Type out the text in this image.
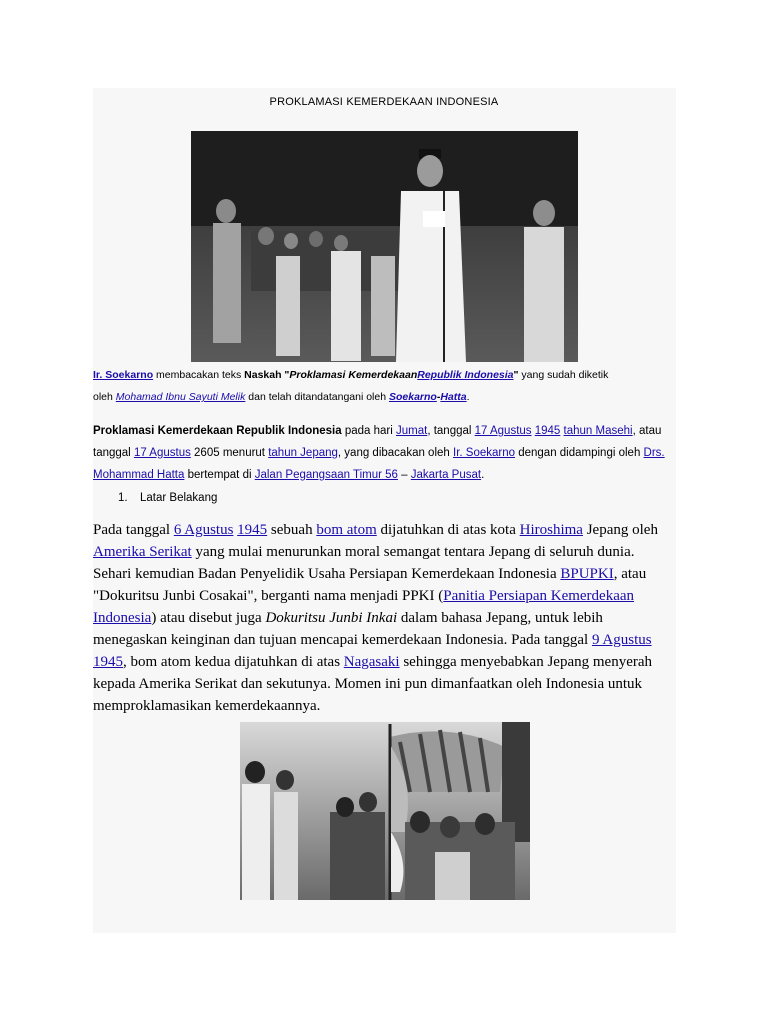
PROKLAMASI KEMERDEKAAN INDONESIA
Ir. Soekarno membacakan teks Naskah "Proklamasi KemerdekaanRepublik Indonesia" yang sudah diketik
oleh Mohamad Ibnu Sayuti Melik dan telah ditandatangani oleh Soekarno-Hatta.
Proklamasi Kemerdekaan Republik Indonesia pada hari Jumat, tanggal 17 Agustus 1945 tahun Masehi, atau tanggal 17 Agustus 2605 menurut tahun Jepang, yang dibacakan oleh Ir. Soekarno dengan didampingi oleh Drs. Mohammad Hatta bertempat di Jalan Pegangsaan Timur 56 – Jakarta Pusat.
1. Latar Belakang
Pada tanggal 6 Agustus 1945 sebuah bom atom dijatuhkan di atas kota Hiroshima Jepang oleh Amerika Serikat yang mulai menurunkan moral semangat tentara Jepang di seluruh dunia. Sehari kemudian Badan Penyelidik Usaha Persiapan Kemerdekaan Indonesia BPUPKI, atau "Dokuritsu Junbi Cosakai", berganti nama menjadi PPKI (Panitia Persiapan Kemerdekaan Indonesia) atau disebut juga Dokuritsu Junbi Inkai dalam bahasa Jepang, untuk lebih menegaskan keinginan dan tujuan mencapai kemerdekaan Indonesia. Pada tanggal 9 Agustus 1945, bom atom kedua dijatuhkan di atas Nagasaki sehingga menyebabkan Jepang menyerah kepada Amerika Serikat dan sekutunya. Momen ini pun dimanfaatkan oleh Indonesia untuk memproklamasikan kemerdekaannya.
